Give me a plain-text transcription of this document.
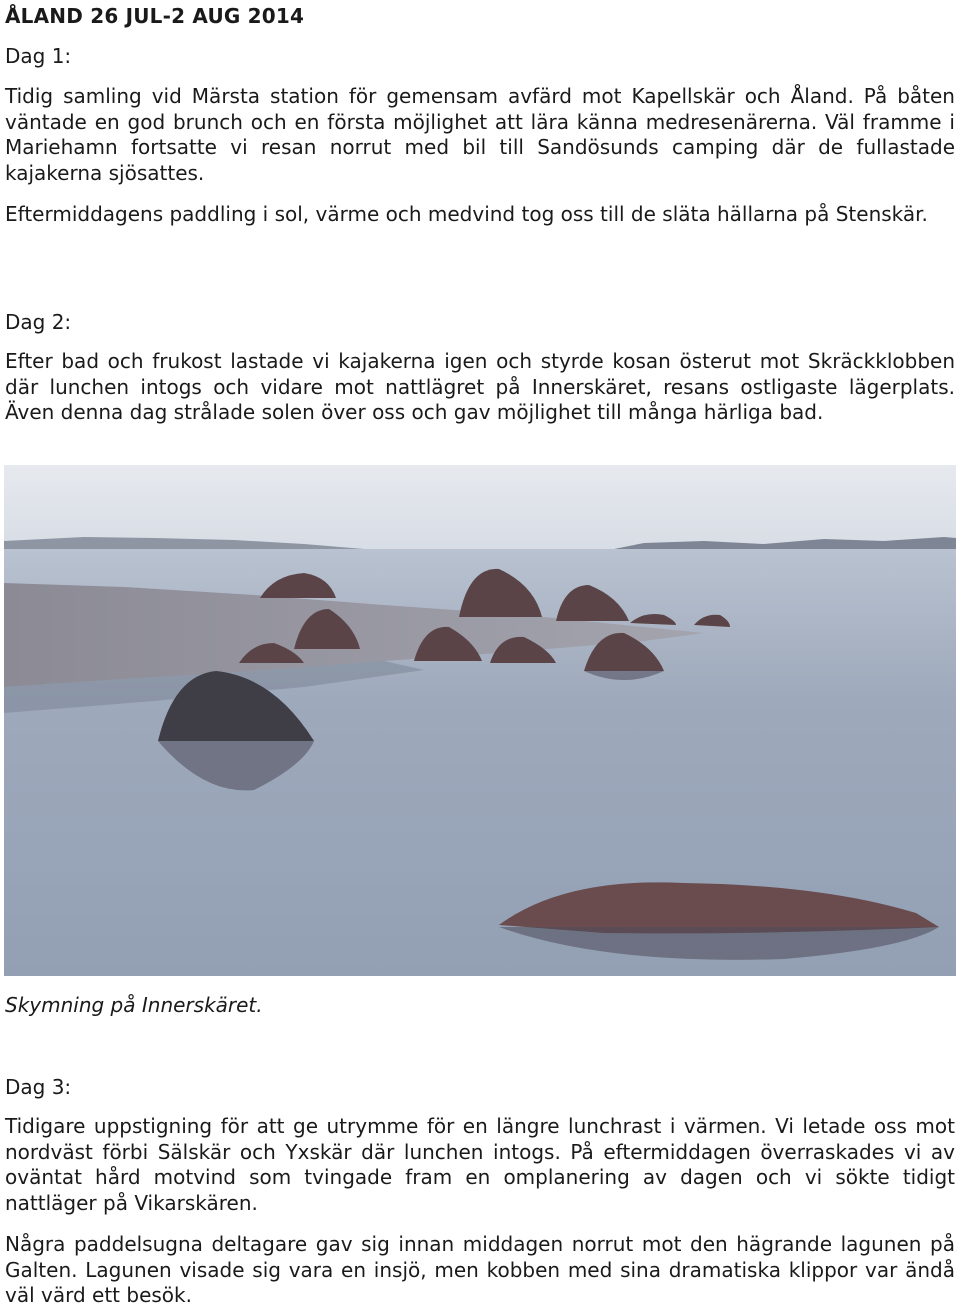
ÅLAND 26 JUL-2 AUG 2014
Dag 1:
Tidig samling vid Märsta station för gemensam avfärd mot Kapellskär och Åland. På båten väntade en god brunch och en första möjlighet att lära känna medresenärerna. Väl framme i Mariehamn fortsatte vi resan norrut med bil till Sandösunds camping där de fullastade kajakerna sjösattes.
Eftermiddagens paddling i sol, värme och medvind tog oss till de släta hällarna på Stenskär.
Dag 2:
Efter bad och frukost lastade vi kajakerna igen och styrde kosan österut mot Skräckklobben där lunchen intogs och vidare mot nattlägret på Innerskäret, resans ostligaste lägerplats. Även denna dag strålade solen över oss och gav möjlighet till många härliga bad.
Skymning på Innerskäret.
Dag 3:
Tidigare uppstigning för att ge utrymme för en längre lunchrast i värmen. Vi letade oss mot nordväst förbi Sälskär och Yxskär där lunchen intogs. På eftermiddagen överraskades vi av oväntat hård motvind som tvingade fram en omplanering av dagen och vi sökte tidigt nattläger på Vikarskären.
Några paddelsugna deltagare gav sig innan middagen norrut mot den hägrande lagunen på Galten. Lagunen visade sig vara en insjö, men kobben med sina dramatiska klippor var ändå väl värd ett besök.
